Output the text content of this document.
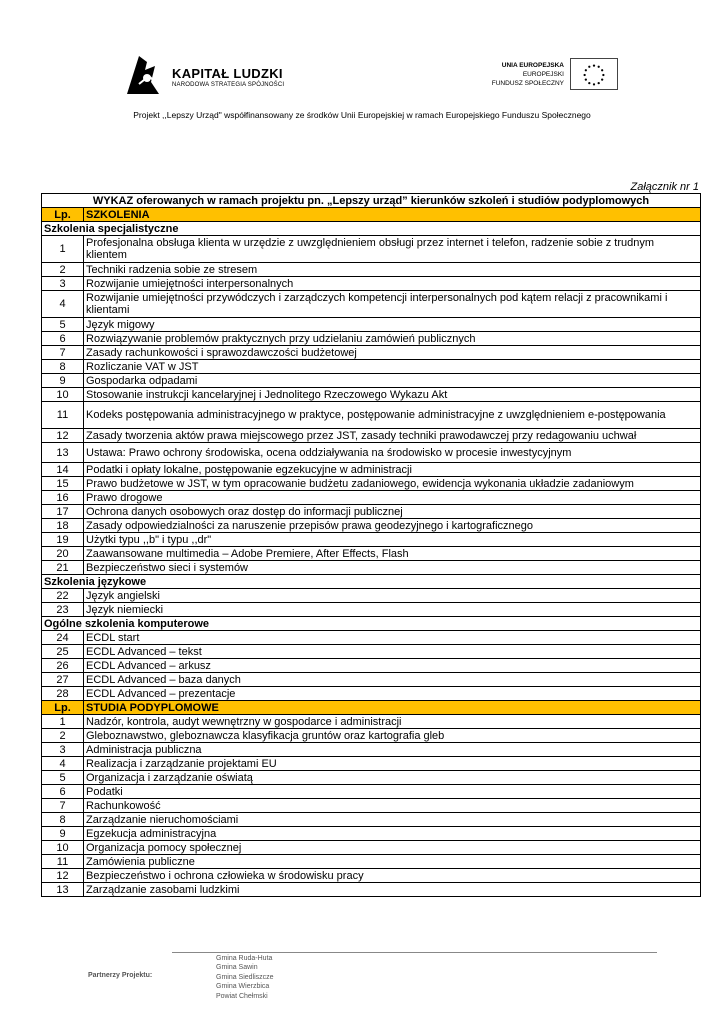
KAPITAŁ LUDZKI
NARODOWA STRATEGIA SPÓJNOŚCI
UNIA EUROPEJSKA
EUROPEJSKI
FUNDUSZ SPOŁECZNY
Projekt ,,Lepszy Urząd" współfinansowany ze środków Unii Europejskiej w ramach Europejskiego Funduszu Społecznego
Załącznik nr 1
WYKAZ oferowanych w ramach projektu pn. „Lepszy urząd” kierunków szkoleń i studiów podyplomowych	
Lp.	SZKOLENIA
Szkolenia specjalistyczne	
1	Profesjonalna obsługa klienta w urzędzie z uwzględnieniem obsługi przez internet i telefon, radzenie sobie z trudnym klientem
2	Techniki radzenia sobie ze stresem
3	Rozwijanie umiejętności interpersonalnych
4	Rozwijanie umiejętności przywódczych i zarządczych kompetencji interpersonalnych pod kątem relacji z pracownikami i klientami
5	Język migowy
6	Rozwiązywanie problemów praktycznych przy udzielaniu zamówień publicznych
7	Zasady rachunkowości i sprawozdawczości budżetowej
8	Rozliczanie VAT w JST
9	Gospodarka odpadami
10	Stosowanie instrukcji kancelaryjnej i Jednolitego Rzeczowego Wykazu Akt
11	Kodeks postępowania administracyjnego w praktyce, postępowanie administracyjne z uwzględnieniem e-postępowania
12	Zasady tworzenia aktów prawa miejscowego przez JST, zasady techniki prawodawczej przy redagowaniu uchwał
13	Ustawa: Prawo ochrony środowiska, ocena oddziaływania na środowisko w procesie inwestycyjnym
14	Podatki i opłaty lokalne, postępowanie egzekucyjne w administracji
15	Prawo budżetowe w JST, w tym opracowanie budżetu zadaniowego, ewidencja wykonania układzie zadaniowym
16	Prawo drogowe
17	Ochrona danych osobowych oraz dostęp do informacji publicznej
18	Zasady odpowiedzialności za naruszenie przepisów prawa geodezyjnego i kartograficznego
19	Użytki typu ,,b" i typu ,,dr"
20	Zaawansowane multimedia – Adobe Premiere, After Effects, Flash
21	Bezpieczeństwo sieci i systemów
Szkolenia językowe	
22	Język angielski
23	Język niemiecki
Ogólne szkolenia komputerowe	
24	ECDL start
25	ECDL Advanced – tekst
26	ECDL Advanced – arkusz
27	ECDL Advanced – baza danych
28	ECDL Advanced – prezentacje
Lp.	STUDIA PODYPLOMOWE
1	Nadzór, kontrola, audyt wewnętrzny w gospodarce i administracji
2	Gleboznawstwo, gleboznawcza klasyfikacja gruntów oraz kartografia gleb
3	Administracja publiczna
4	Realizacja i zarządzanie projektami EU
5	Organizacja i zarządzanie oświatą
6	Podatki
7	Rachunkowość
8	Zarządzanie nieruchomościami
9	Egzekucja administracyjna
10	Organizacja pomocy społecznej
11	Zamówienia publiczne
12	Bezpieczeństwo i ochrona człowieka w środowisku pracy
13	Zarządzanie zasobami ludzkimi
Partnerzy Projektu:
Gmina Ruda-Huta
Gmina Sawin
Gmina Siedliszcze
Gmina Wierzbica
Powiat Chełmski
